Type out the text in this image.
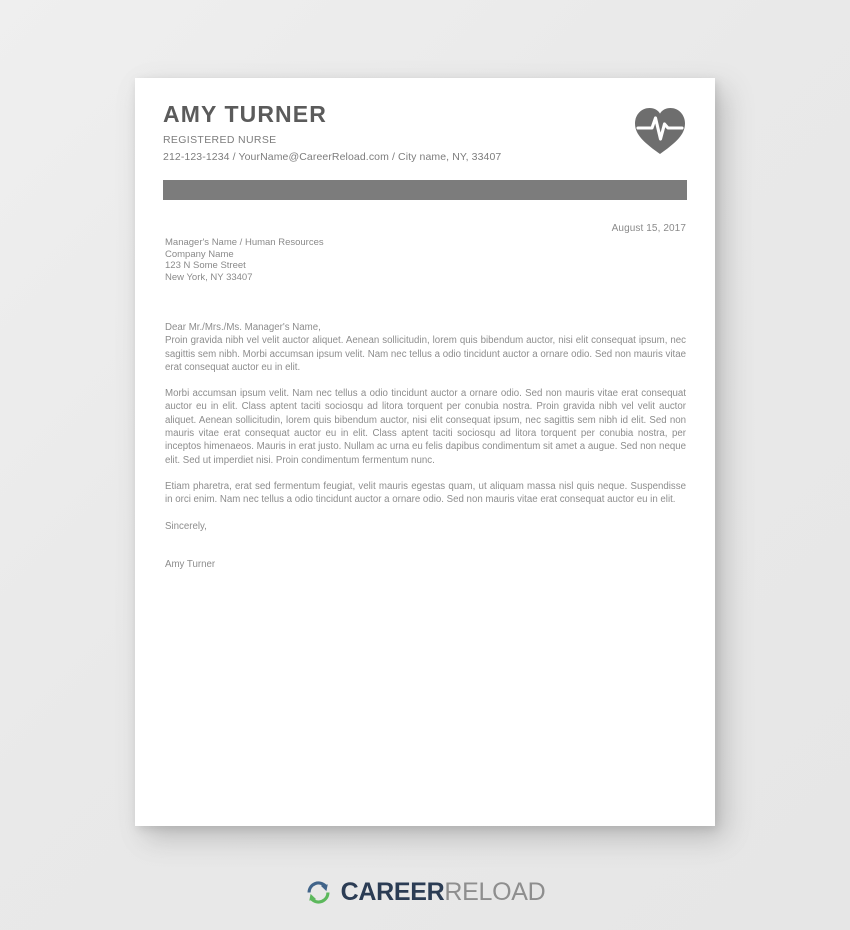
AMY TURNER
REGISTERED NURSE
212-123-1234 / YourName@CareerReload.com / City name, NY, 33407
August 15, 2017
Manager's Name / Human Resources
Company Name
123 N Some Street
New York, NY 33407
Dear Mr./Mrs./Ms. Manager's Name,

Proin gravida nibh vel velit auctor aliquet. Aenean sollicitudin, lorem quis bibendum auctor, nisi elit consequat ipsum, nec sagittis sem nibh. Morbi accumsan ipsum velit. Nam nec tellus a odio tincidunt auctor a ornare odio. Sed non mauris vitae erat consequat auctor eu in elit.

Morbi accumsan ipsum velit. Nam nec tellus a odio tincidunt auctor a ornare odio. Sed non mauris vitae erat consequat auctor eu in elit. Class aptent taciti sociosqu ad litora torquent per conubia nostra. Proin gravida nibh vel velit auctor aliquet. Aenean sollicitudin, lorem quis bibendum auctor, nisi elit consequat ipsum, nec sagittis sem nibh id elit. Sed non mauris vitae erat consequat auctor eu in elit. Class aptent taciti sociosqu ad litora torquent per conubia nostra, per inceptos himenaeos. Mauris in erat justo. Nullam ac urna eu felis dapibus condimentum sit amet a augue. Sed non neque elit. Sed ut imperdiet nisi. Proin condimentum fermentum nunc.

Etiam pharetra, erat sed fermentum feugiat, velit mauris egestas quam, ut aliquam massa nisl quis neque. Suspendisse in orci enim. Nam nec tellus a odio tincidunt auctor a ornare odio. Sed non mauris vitae erat consequat auctor eu in elit.

Sincerely,
Amy Turner
CAREERRELOAD
